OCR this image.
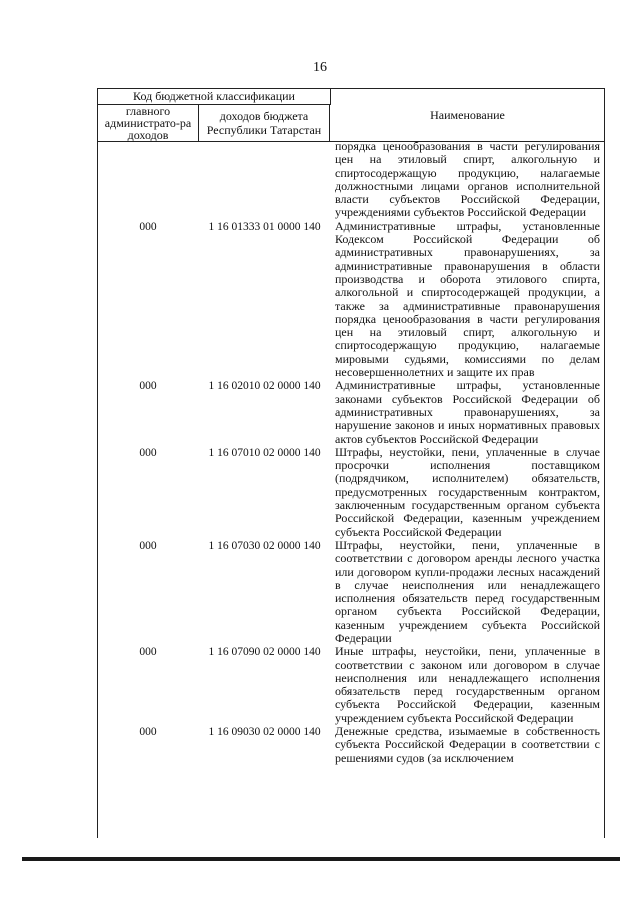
16
Код бюджетной классификации
главного администрато-ра доходов
доходов бюджета Республики Татарстан
Наименование
порядка ценообразования в части регулирования цен на этиловый спирт, алкогольную и спиртосодержащую продукцию, налагаемые должностными лицами органов исполнительной власти субъектов Российской Федерации, учреждениями субъектов Российской Федерации
000	1 16 01333 01 0000 140	Административные штрафы, установленные Кодексом Российской Федерации об административных правонарушениях, за административные правонарушения в области производства и оборота этилового спирта, алкогольной и спиртосодержащей продукции, а также за административные правонарушения порядка ценообразования в части регулирования цен на этиловый спирт, алкогольную и спиртосодержащую продукцию, налагаемые мировыми судьями, комиссиями по делам несовершеннолетних и защите их прав
000	1 16 02010 02 0000 140	Административные штрафы, установленные законами субъектов Российской Федерации об административных правонарушениях, за нарушение законов и иных нормативных правовых актов субъектов Российской Федерации
000	1 16 07010 02 0000 140	Штрафы, неустойки, пени, уплаченные в случае просрочки исполнения поставщиком (подрядчиком, исполнителем) обязательств, предусмотренных государственным контрактом, заключенным государственным органом субъекта Российской Федерации, казенным учреждением субъекта Российской Федерации
000	1 16 07030 02 0000 140	Штрафы, неустойки, пени, уплаченные в соответствии с договором аренды лесного участка или договором купли-продажи лесных насаждений в случае неисполнения или ненадлежащего исполнения обязательств перед государственным органом субъекта Российской Федерации, казенным учреждением субъекта Российской Федерации
000	1 16 07090 02 0000 140	Иные штрафы, неустойки, пени, уплаченные в соответствии с законом или договором в случае неисполнения или ненадлежащего исполнения обязательств перед государственным органом субъекта Российской Федерации, казенным учреждением субъекта Российской Федерации
000	1 16 09030 02 0000 140	Денежные средства, изымаемые в собственность субъекта Российской Федерации в соответствии с решениями судов (за исключением
